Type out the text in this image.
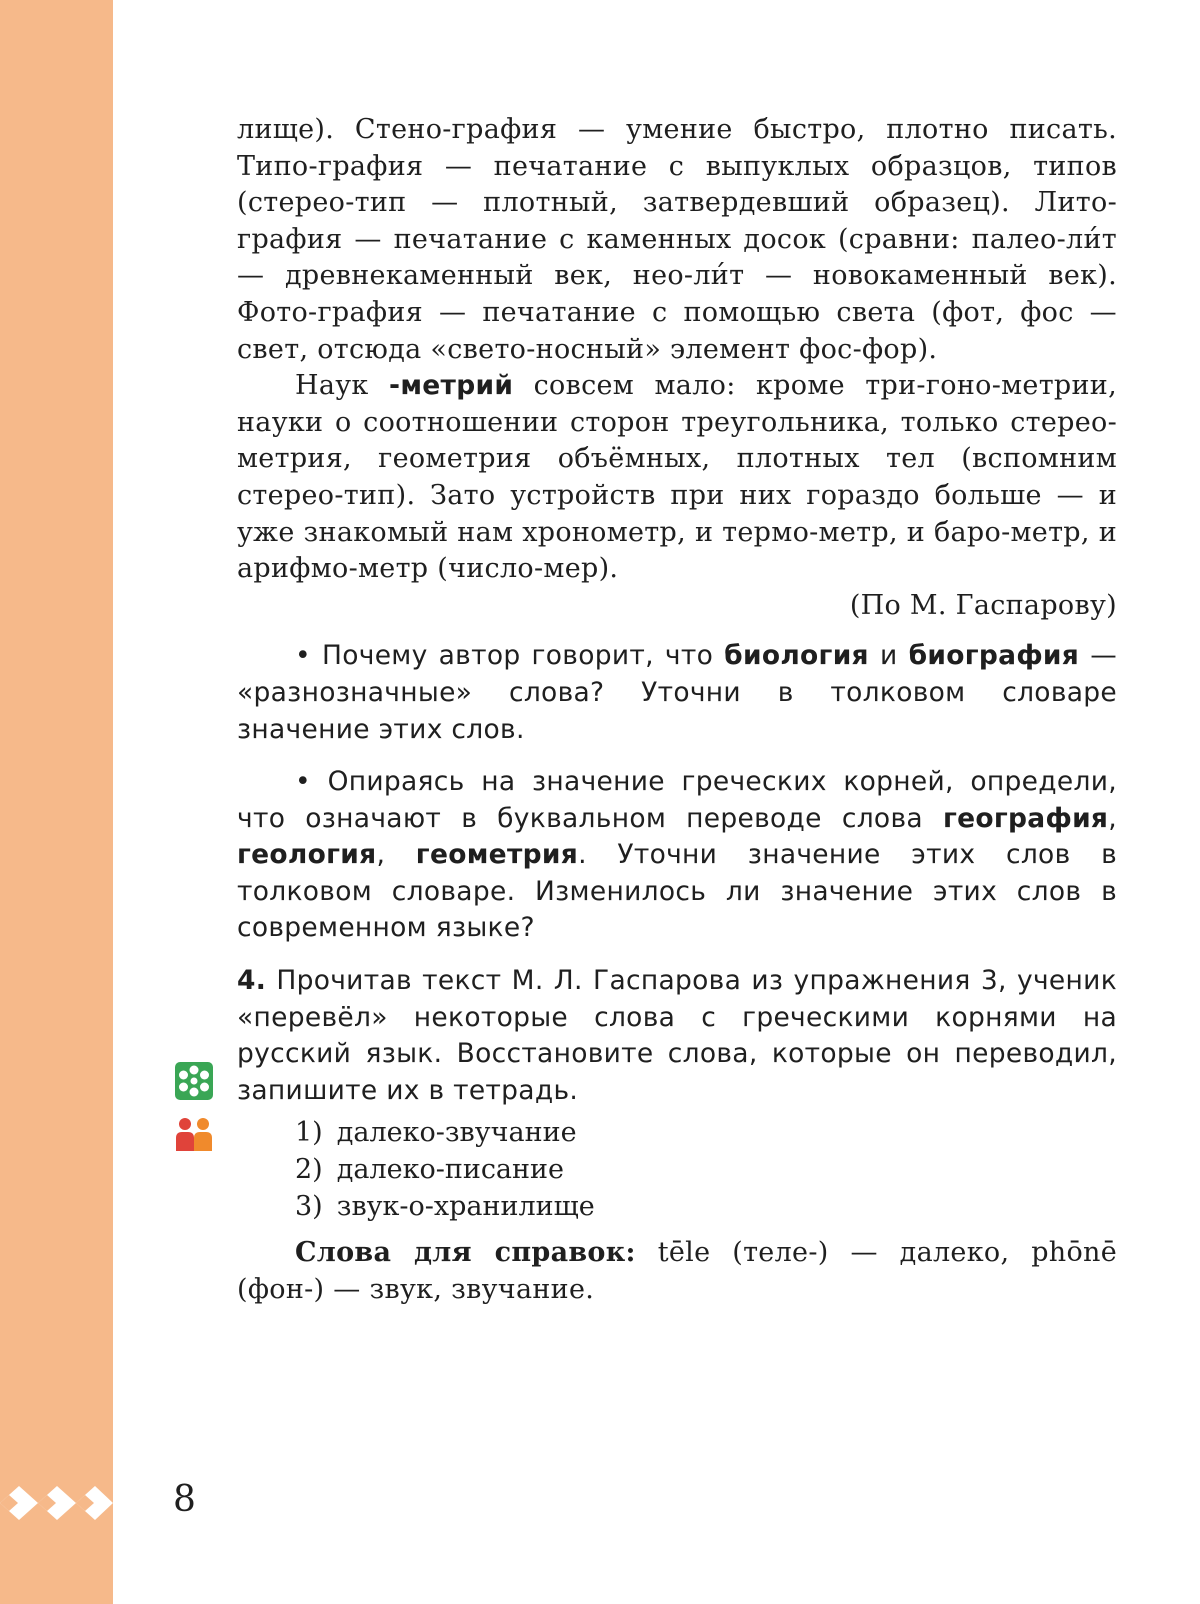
лище). Стено-графия — умение быстро, плотно писать. Типо-графия — печатание с выпуклых образцов, типов (стерео-тип — плотный, затвердевший образец). Лито-графия — печатание с каменных досок (сравни: палео-ли́т — древнекаменный век, нео-ли́т — новокаменный век). Фото-графия — печатание с помощью света (фот, фос — свет, отсюда «свето-носный» элемент фос-фор).

Наук -метрий совсем мало: кроме три-гоно-метрии, науки о соотношении сторон треугольника, только стерео-метрия, геометрия объёмных, плотных тел (вспомним стерео-тип). Зато устройств при них гораздо больше — и уже знакомый нам хронометр, и термо-метр, и баро-метр, и арифмо-метр (число-мер).

(По М. Гаспарову)

• Почему автор говорит, что биология и биография — «разнозначные» слова? Уточни в толковом словаре значение этих слов.

• Опираясь на значение греческих корней, определи, что означают в буквальном переводе слова география, геология, геометрия. Уточни значение этих слов в толковом словаре. Изменилось ли значение этих слов в современном языке?

4. Прочитав текст М. Л. Гаспарова из упражнения 3, ученик «перевёл» некоторые слова с греческими корнями на русский язык. Восстановите слова, которые он переводил, запишите их в тетрадь.

1) далеко-звучание
2) далеко-писание
3) звук-о-хранилище

Слова для справок: tēle (теле-) — далеко, phōnē (фон-) — звук, звучание.

8
